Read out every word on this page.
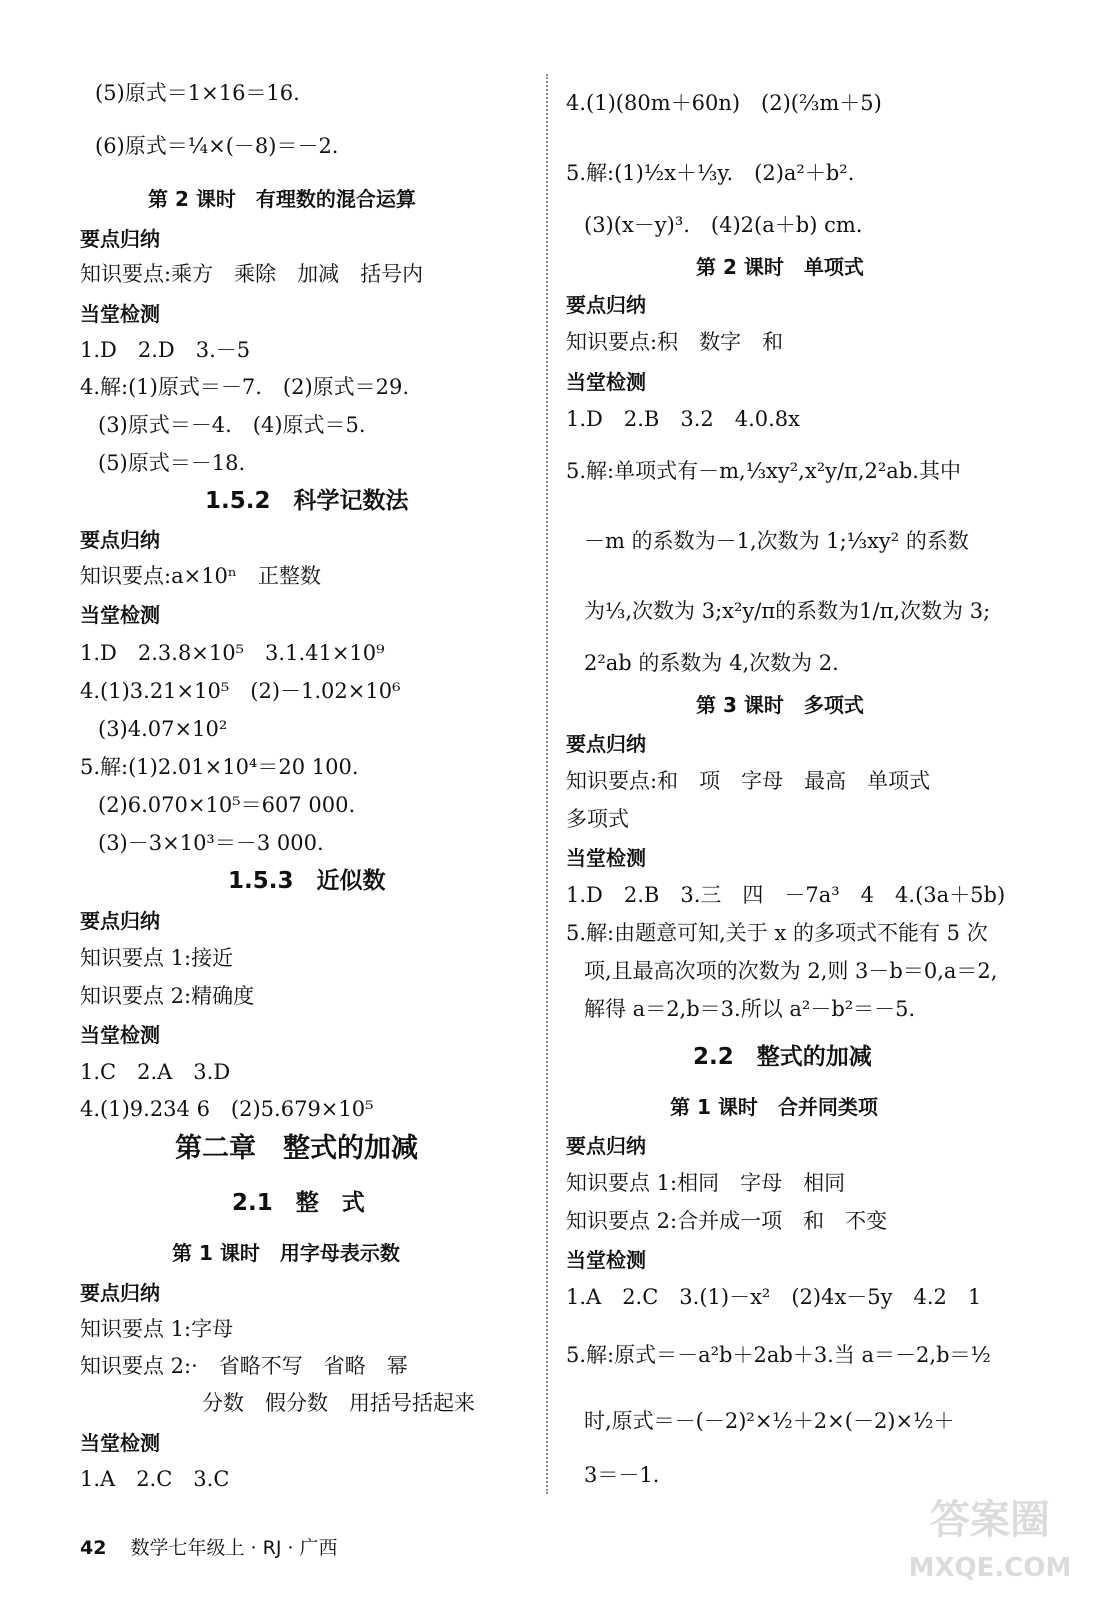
(5)原式＝1×16＝16.
(6)原式＝¼×(－8)＝－2.
第 2 课时　有理数的混合运算
要点归纳
知识要点:乘方　乘除　加减　括号内
当堂检测
1.D　2.D　3.－5
4.解:(1)原式＝－7.　(2)原式＝29.
(3)原式＝－4.　(4)原式＝5.
(5)原式＝－18.
1.5.2　科学记数法
要点归纳
知识要点:a×10ⁿ　正整数
当堂检测
1.D　2.3.8×10⁵　3.1.41×10⁹
4.(1)3.21×10⁵　(2)－1.02×10⁶
(3)4.07×10²
5.解:(1)2.01×10⁴＝20 100.
(2)6.070×10⁵＝607 000.
(3)－3×10³＝－3 000.
1.5.3　近似数
要点归纳
知识要点 1:接近
知识要点 2:精确度
当堂检测
1.C　2.A　3.D
4.(1)9.234 6　(2)5.679×10⁵
第二章　整式的加减
2.1　整　式
第 1 课时　用字母表示数
要点归纳
知识要点 1:字母
知识要点 2:·　省略不写　省略　幂
分数　假分数　用括号括起来
当堂检测
1.A　2.C　3.C
4.(1)(80m＋60n)　(2)(⅔m＋5)
5.解:(1)½x＋⅓y.　(2)a²＋b².
(3)(x－y)³.　(4)2(a＋b) cm.
第 2 课时　单项式
要点归纳
知识要点:积　数字　和
当堂检测
1.D　2.B　3.2　4.0.8x
5.解:单项式有－m,⅓xy²,x²y/π,2²ab.其中
－m 的系数为－1,次数为 1;⅓xy² 的系数
为⅓,次数为 3;x²y/π的系数为1/π,次数为 3;
2²ab 的系数为 4,次数为 2.
第 3 课时　多项式
要点归纳
知识要点:和　项　字母　最高　单项式
多项式
当堂检测
1.D　2.B　3.三　四　－7a³　4　4.(3a＋5b)
5.解:由题意可知,关于 x 的多项式不能有 5 次
项,且最高次项的次数为 2,则 3－b＝0,a＝2,
解得 a＝2,b＝3.所以 a²－b²＝－5.
2.2　整式的加减
第 1 课时　合并同类项
要点归纳
知识要点 1:相同　字母　相同
知识要点 2:合并成一项　和　不变
当堂检测
1.A　2.C　3.(1)－x²　(2)4x－5y　4.2　1
5.解:原式＝－a²b＋2ab＋3.当 a＝－2,b＝½
时,原式＝－(－2)²×½＋2×(－2)×½＋
3＝－1.
42 数学七年级上 · RJ · 广西
答案圈
MXQE.COM
